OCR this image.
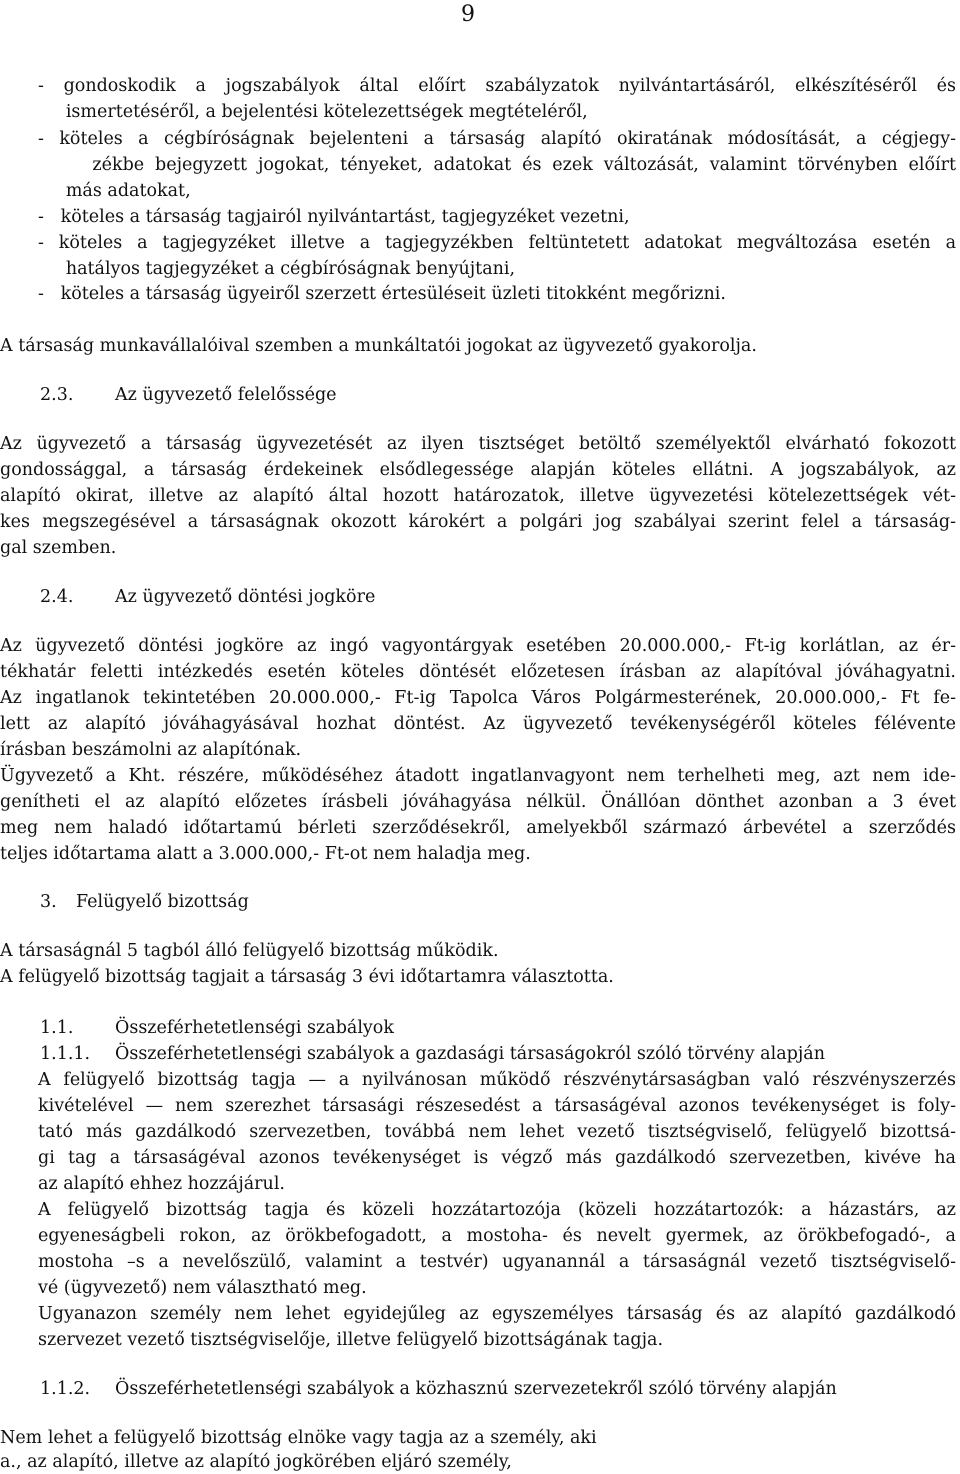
9
- gondoskodik a jogszabályok által előírt szabályzatok nyilvántartásáról, elkészítéséről és
ismertetéséről, a bejelentési kötelezettségek megtételéről,
- köteles a cégbíróságnak bejelenteni a társaság alapító okiratának módosítását, a cégjegy-
zékbe bejegyzett jogokat, tényeket, adatokat és ezek változását, valamint törvényben előírt
más adatokat,
-   köteles a társaság tagjairól nyilvántartást, tagjegyzéket vezetni,
- köteles a tagjegyzéket illetve a tagjegyzékben feltüntetett adatokat megváltozása esetén a
hatályos tagjegyzéket a cégbíróságnak benyújtani,
-   köteles a társaság ügyeiről szerzett értesüléseit üzleti titokként megőrizni.
A társaság munkavállalóival szemben a munkáltatói jogokat az ügyvezető gyakorolja.
2.3. Az ügyvezető felelőssége
Az ügyvezető a társaság ügyvezetését az ilyen tisztséget betöltő személyektől elvárható fokozott
gondossággal, a társaság érdekeinek elsődlegessége alapján köteles ellátni. A jogszabályok, az
alapító okirat, illetve az alapító által hozott határozatok, illetve ügyvezetési kötelezettségek vét-
kes megszegésével a társaságnak okozott károkért a polgári jog szabályai szerint felel a társaság-
gal szemben.
2.4. Az ügyvezető döntési jogköre
Az ügyvezető döntési jogköre az ingó vagyontárgyak esetében 20.000.000,- Ft-ig korlátlan, az ér-
tékhatár feletti intézkedés esetén köteles döntését előzetesen írásban az alapítóval jóváhagyatni.
Az ingatlanok tekintetében 20.000.000,- Ft-ig Tapolca Város Polgármesterének, 20.000.000,- Ft fe-
lett az alapító jóváhagyásával hozhat döntést. Az ügyvezető tevékenységéről köteles félévente
írásban beszámolni az alapítónak.
Ügyvezető a Kht. részére, működéséhez átadott ingatlanvagyont nem terhelheti meg, azt nem ide-
genítheti el az alapító előzetes írásbeli jóváhagyása nélkül. Önállóan dönthet azonban a 3 évet
meg nem haladó időtartamú bérleti szerződésekről, amelyekből származó árbevétel a szerződés
teljes időtartama alatt a 3.000.000,- Ft-ot nem haladja meg.
3. Felügyelő bizottság
A társaságnál 5 tagból álló felügyelő bizottság működik.
A felügyelő bizottság tagjait a társaság 3 évi időtartamra választotta.
1.1. Összeférhetetlenségi szabályok
1.1.1. Összeférhetetlenségi szabályok a gazdasági társaságokról szóló törvény alapján
A felügyelő bizottság tagja — a nyilvánosan működő részvénytársaságban való részvényszerzés
kivételével — nem szerezhet társasági részesedést a társaságéval azonos tevékenységet is foly-
tató más gazdálkodó szervezetben, továbbá nem lehet vezető tisztségviselő, felügyelő bizottsá-
gi tag a társaságéval azonos tevékenységet is végző más gazdálkodó szervezetben, kivéve ha
az alapító ehhez hozzájárul.
A felügyelő bizottság tagja és közeli hozzátartozója (közeli hozzátartozók: a házastárs, az
egyeneságbeli rokon, az örökbefogadott, a mostoha- és nevelt gyermek, az örökbefogadó-, a
mostoha –s a nevelőszülő, valamint a testvér) ugyanannál a társaságnál vezető tisztségviselő-
vé (ügyvezető) nem választható meg.
Ugyanazon személy nem lehet egyidejűleg az egyszemélyes társaság és az alapító gazdálkodó
szervezet vezető tisztségviselője, illetve felügyelő bizottságának tagja.
1.1.2. Összeférhetetlenségi szabályok a közhasznú szervezetekről szóló törvény alapján
Nem lehet a felügyelő bizottság elnöke vagy tagja az a személy, aki
a., az alapító, illetve az alapító jogkörében eljáró személy,
